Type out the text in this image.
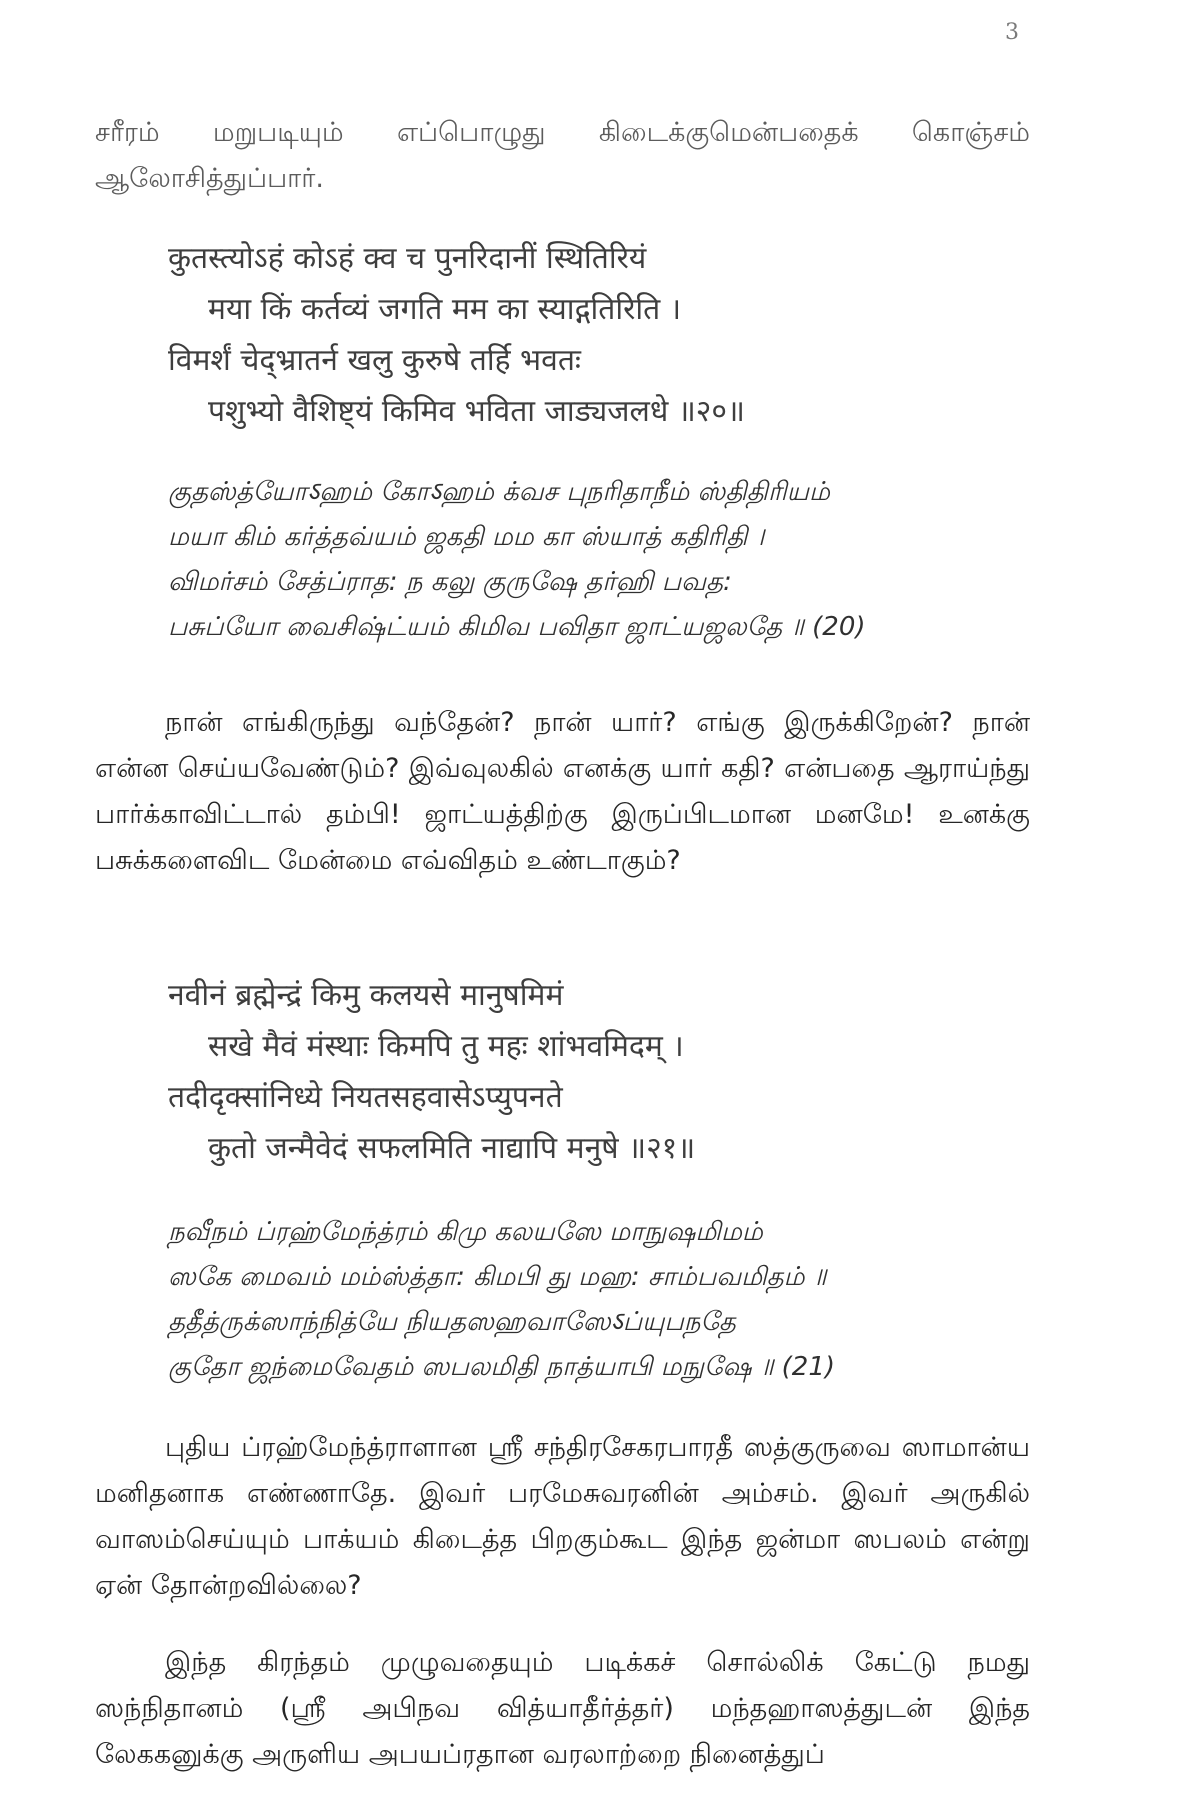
3

சரீரம் மறுபடியும் எப்பொழுது கிடைக்குமென்பதைக் கொஞ்சம் ஆலோசித்துப்பார்.

कुतस्त्योऽहं कोऽहं क्व च पुनरिदानीं स्थितिरियं
मया किं कर्तव्यं जगति मम का स्याद्गतिरिति ।
विमर्शं चेद्भ्रातर्न खलु कुरुषे तर्हि भवतः
पशुभ्यो वैशिष्ट्यं किमिव भविता जाड्यजलधे ॥२०॥
குதஸ்த்யோऽஹம் கோऽஹம் க்வச புநரிதாநீம் ஸ்திதிரியம்
மயா கிம் கர்த்தவ்யம் ஜகதி மம கா ஸ்யாத் கதிரிதி ।
விமர்சம் சேத்ப்ராத: ந கலு குருஷே தர்ஹி பவத:
பசுப்யோ வைசிஷ்ட்யம் கிமிவ பவிதா ஜாட்யஜலதே ॥ (20)

நான் எங்கிருந்து வந்தேன்? நான் யார்? எங்கு இருக்கிறேன்? நான் என்ன செய்யவேண்டும்? இவ்வுலகில் எனக்கு யார் கதி? என்பதை ஆராய்ந்து பார்க்காவிட்டால் தம்பி! ஜாட்யத்திற்கு இருப்பிடமான மனமே! உனக்கு பசுக்களைவிட மேன்மை எவ்விதம் உண்டாகும்?

नवीनं ब्रह्मेन्द्रं किमु कलयसे मानुषमिमं
सखे मैवं मंस्थाः किमपि तु महः शांभवमिदम् ।
तदीदृक्सांनिध्ये नियतसहवासेऽप्युपनते
कुतो जन्मैवेदं सफलमिति नाद्यापि मनुषे ॥२१॥
நவீநம் ப்ரஹ்மேந்த்ரம் கிமு கலயஸே மாநுஷமிமம்
ஸகே மைவம் மம்ஸ்த்தா: கிமபி து மஹ: சாம்பவமிதம் ॥
ததீத்ருக்ஸாந்நித்யே நியதஸஹவாஸேऽப்யுபநதே
குதோ ஜந்மைவேதம் ஸபலமிதி நாத்யாபி மநுஷே ॥ (21)

புதிய ப்ரஹ்மேந்த்ராளான ஸ்ரீ சந்திரசேகரபாரதீ ஸத்குருவை ஸாமான்ய மனிதனாக எண்ணாதே. இவர் பரமேசுவரனின் அம்சம். இவர் அருகில் வாஸம்செய்யும் பாக்யம் கிடைத்த பிறகும்கூட இந்த ஜன்மா ஸபலம் என்று ஏன் தோன்றவில்லை?

இந்த கிரந்தம் முழுவதையும் படிக்கச் சொல்லிக் கேட்டு நமது ஸந்நிதானம் (ஸ்ரீ அபிநவ வித்யாதீர்த்தர்) மந்தஹாஸத்துடன் இந்த லேககனுக்கு அருளிய அபயப்ரதான வரலாற்றை நினைத்துப்
